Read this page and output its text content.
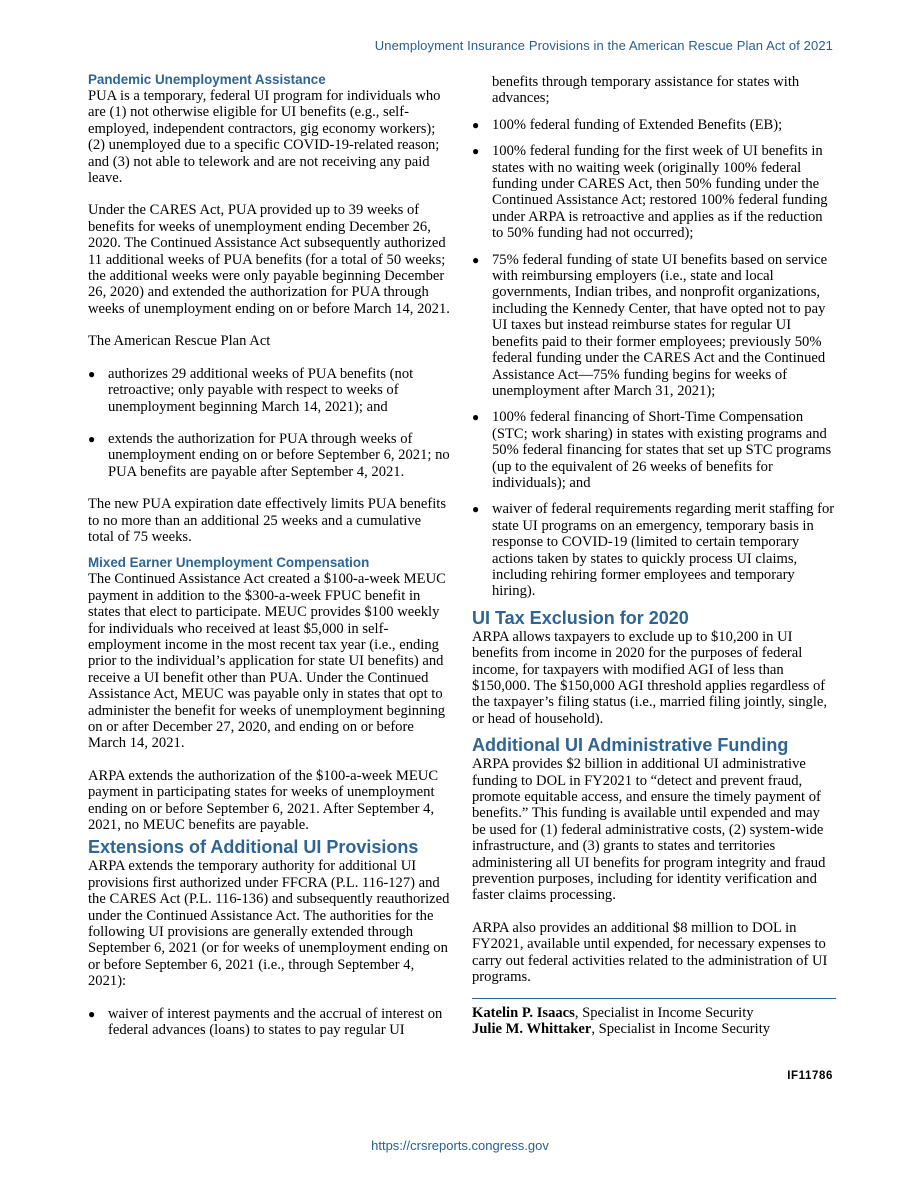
Unemployment Insurance Provisions in the American Rescue Plan Act of 2021
Pandemic Unemployment Assistance

PUA is a temporary, federal UI program for individuals who are (1) not otherwise eligible for UI benefits (e.g., self-employed, independent contractors, gig economy workers); (2) unemployed due to a specific COVID-19-related reason; and (3) not able to telework and are not receiving any paid leave.

Under the CARES Act, PUA provided up to 39 weeks of benefits for weeks of unemployment ending December 26, 2020. The Continued Assistance Act subsequently authorized 11 additional weeks of PUA benefits (for a total of 50 weeks; the additional weeks were only payable beginning December 26, 2020) and extended the authorization for PUA through weeks of unemployment ending on or before March 14, 2021.

The American Rescue Plan Act

● authorizes 29 additional weeks of PUA benefits (not retroactive; only payable with respect to weeks of unemployment beginning March 14, 2021); and
● extends the authorization for PUA through weeks of unemployment ending on or before September 6, 2021; no PUA benefits are payable after September 4, 2021.

The new PUA expiration date effectively limits PUA benefits to no more than an additional 25 weeks and a cumulative total of 75 weeks.

Mixed Earner Unemployment Compensation

The Continued Assistance Act created a $100-a-week MEUC payment in addition to the $300-a-week FPUC benefit in states that elect to participate. MEUC provides $100 weekly for individuals who received at least $5,000 in self-employment income in the most recent tax year (i.e., ending prior to the individual’s application for state UI benefits) and receive a UI benefit other than PUA. Under the Continued Assistance Act, MEUC was payable only in states that opt to administer the benefit for weeks of unemployment beginning on or after December 27, 2020, and ending on or before March 14, 2021.

ARPA extends the authorization of the $100-a-week MEUC payment in participating states for weeks of unemployment ending on or before September 6, 2021. After September 4, 2021, no MEUC benefits are payable.

Extensions of Additional UI Provisions

ARPA extends the temporary authority for additional UI provisions first authorized under FFCRA (P.L. 116-127) and the CARES Act (P.L. 116-136) and subsequently reauthorized under the Continued Assistance Act. The authorities for the following UI provisions are generally extended through September 6, 2021 (or for weeks of unemployment ending on or before September 6, 2021 (i.e., through September 4, 2021):

● waiver of interest payments and the accrual of interest on federal advances (loans) to states to pay regular UI

benefits through temporary assistance for states with advances;

● 100% federal funding of Extended Benefits (EB);
● 100% federal funding for the first week of UI benefits in states with no waiting week (originally 100% federal funding under CARES Act, then 50% funding under the Continued Assistance Act; restored 100% federal funding under ARPA is retroactive and applies as if the reduction to 50% funding had not occurred);
● 75% federal funding of state UI benefits based on service with reimbursing employers (i.e., state and local governments, Indian tribes, and nonprofit organizations, including the Kennedy Center, that have opted not to pay UI taxes but instead reimburse states for regular UI benefits paid to their former employees; previously 50% federal funding under the CARES Act and the Continued Assistance Act—75% funding begins for weeks of unemployment after March 31, 2021);
● 100% federal financing of Short-Time Compensation (STC; work sharing) in states with existing programs and 50% federal financing for states that set up STC programs (up to the equivalent of 26 weeks of benefits for individuals); and
● waiver of federal requirements regarding merit staffing for state UI programs on an emergency, temporary basis in response to COVID-19 (limited to certain temporary actions taken by states to quickly process UI claims, including rehiring former employees and temporary hiring).
UI Tax Exclusion for 2020

ARPA allows taxpayers to exclude up to $10,200 in UI benefits from income in 2020 for the purposes of federal income, for taxpayers with modified AGI of less than $150,000. The $150,000 AGI threshold applies regardless of the taxpayer’s filing status (i.e., married filing jointly, single, or head of household).

Additional UI Administrative Funding

ARPA provides $2 billion in additional UI administrative funding to DOL in FY2021 to “detect and prevent fraud, promote equitable access, and ensure the timely payment of benefits.” This funding is available until expended and may be used for (1) federal administrative costs, (2) system-wide infrastructure, and (3) grants to states and territories administering all UI benefits for program integrity and fraud prevention purposes, including for identity verification and faster claims processing.

ARPA also provides an additional $8 million to DOL in FY2021, available until expended, for necessary expenses to carry out federal activities related to the administration of UI programs.

Katelin P. Isaacs, Specialist in Income Security
Julie M. Whittaker, Specialist in Income Security
IF11786
https://crsreports.congress.gov
